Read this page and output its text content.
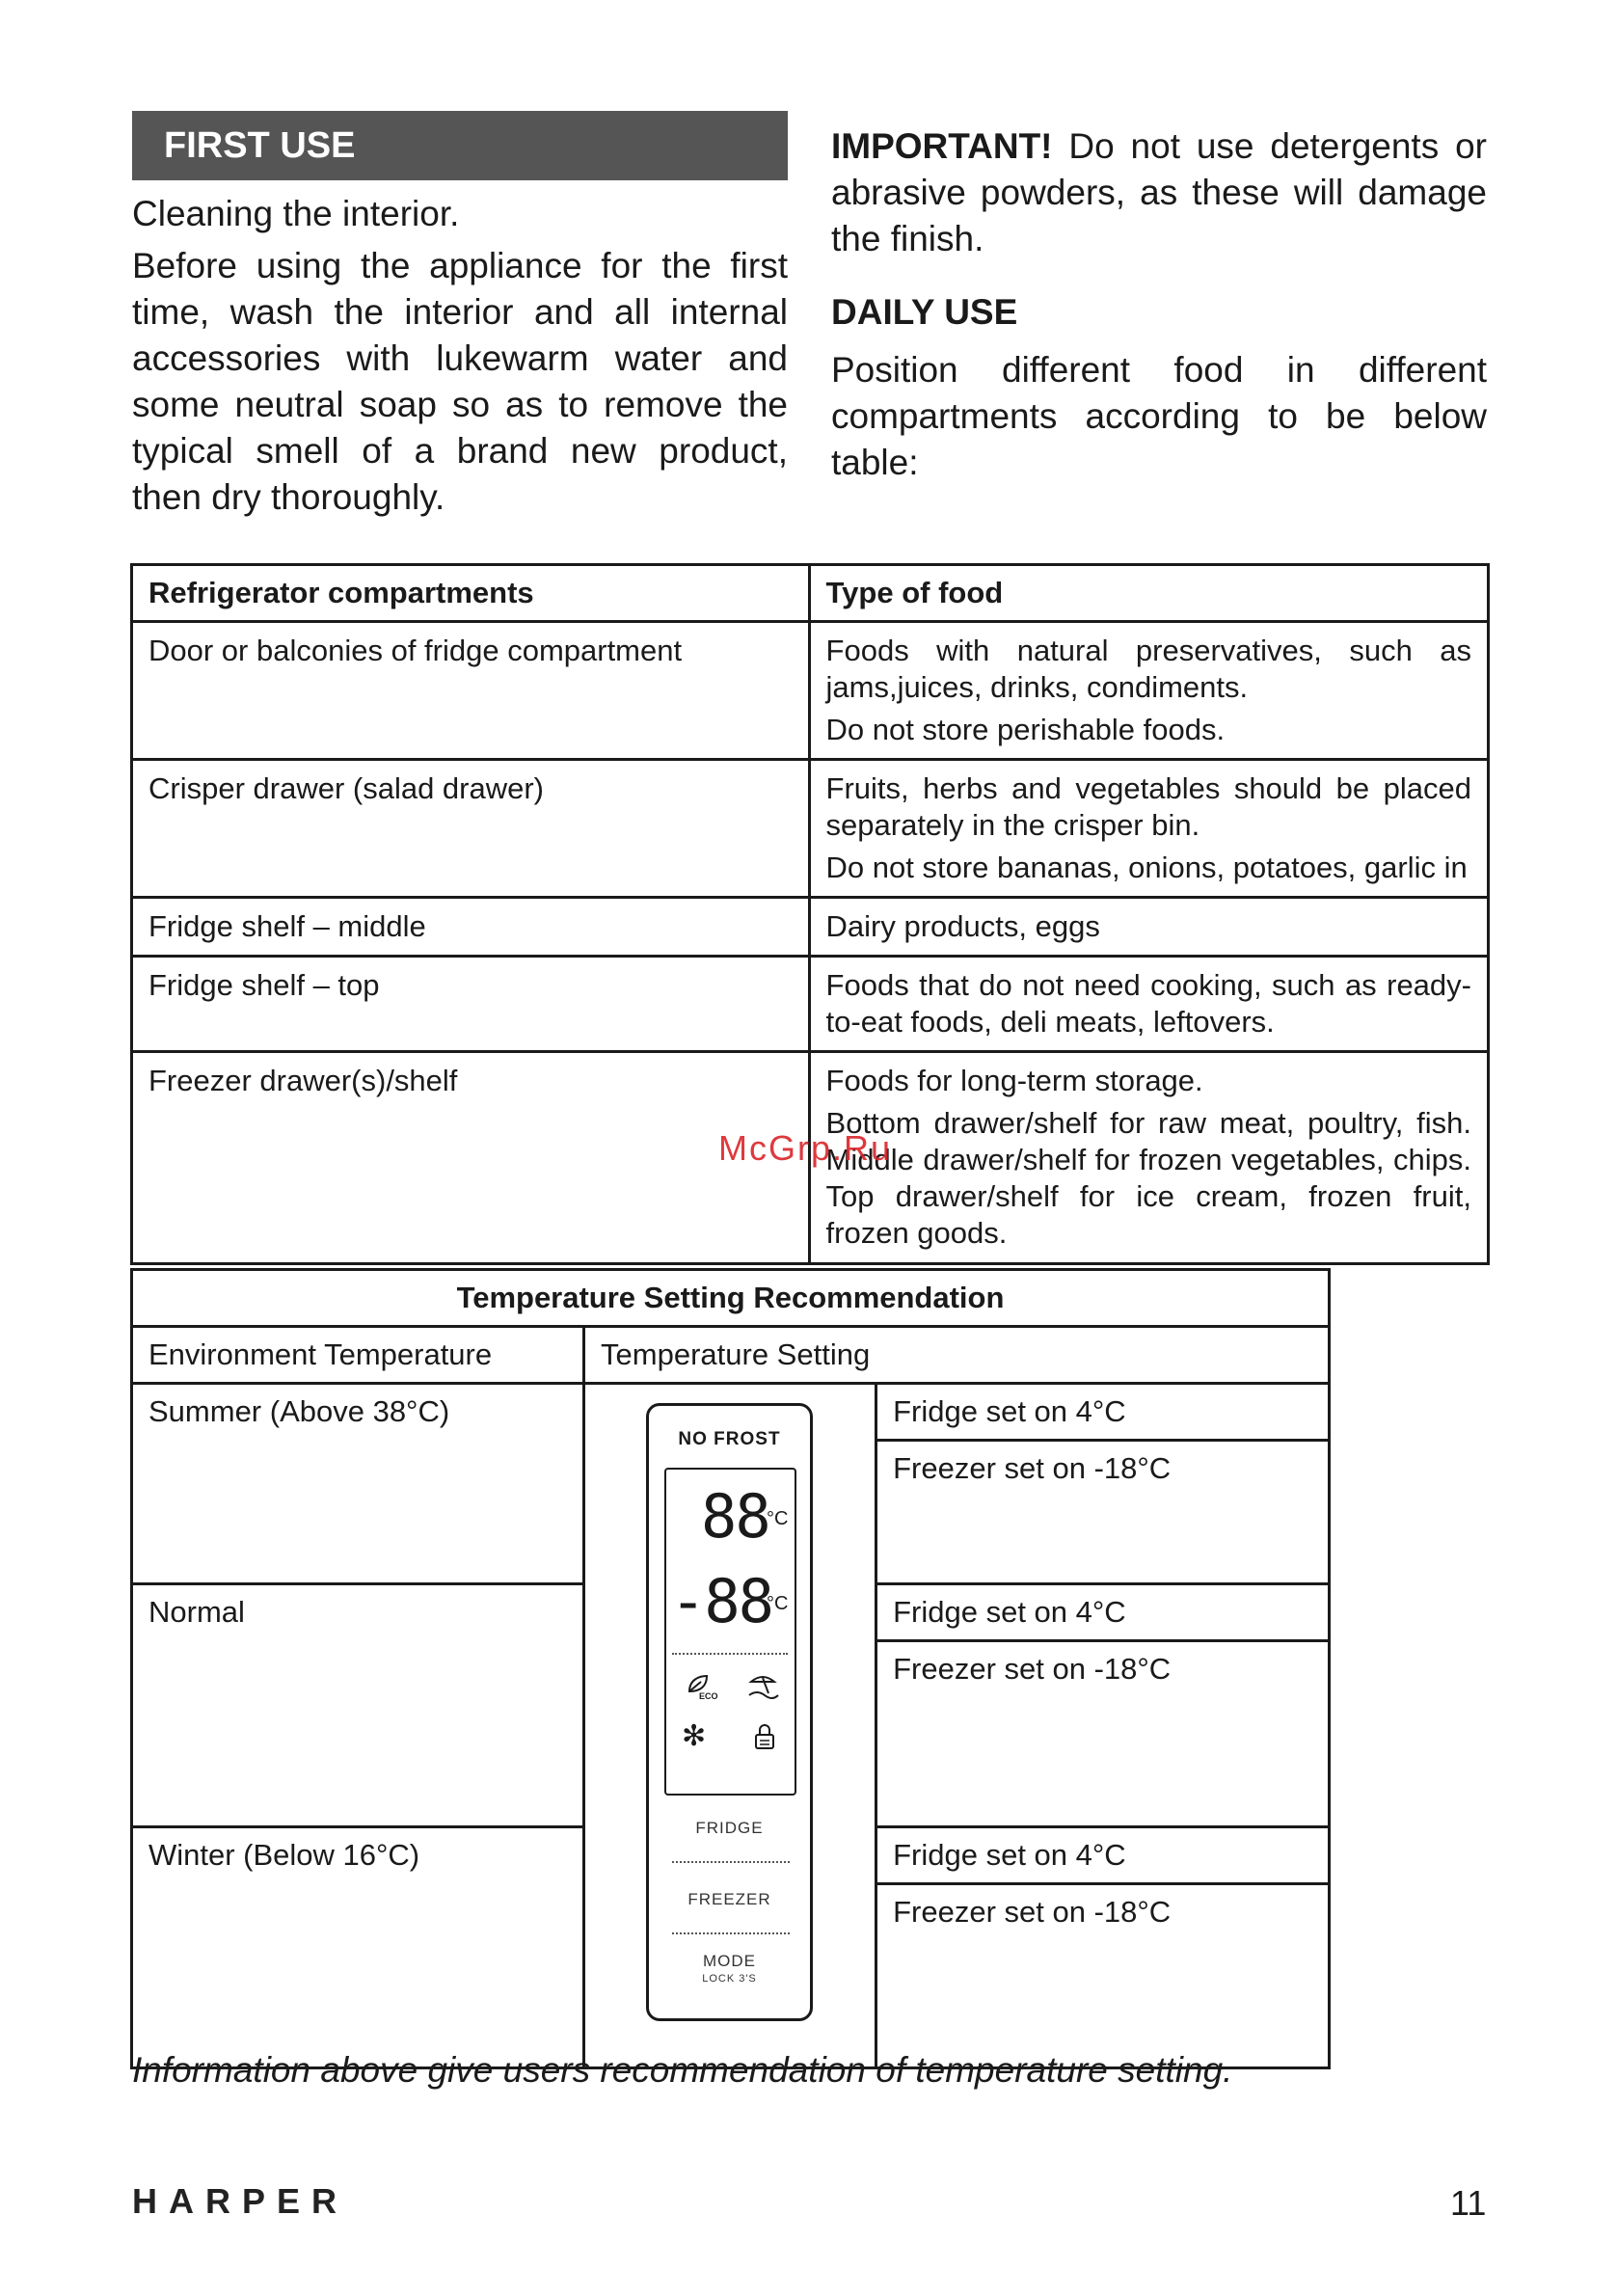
FIRST USE

Cleaning the interior.

Before using the appliance for the first time, wash the interior and all internal accessories with lukewarm water and some neutral soap so as to remove the typical smell of a brand new product, then dry thoroughly.

IMPORTANT! Do not use detergents or abrasive powders, as these will damage the finish.

DAILY USE

Position different food in different compartments according to be below table:

Refrigerator compartments	Type of food

Door or balconies of fridge compartment	Foods with natural preservatives, such as jams,juices, drinks, condiments.

Do not store perishable foods.

Crisper drawer (salad drawer)	Fruits, herbs and vegetables should be placed separately in the crisper bin.

Do not store bananas, onions, potatoes, garlic in

Fridge shelf – middle	Dairy products, eggs

Fridge shelf – top	Foods that do not need cooking, such as ready-to-eat foods, deli meats, leftovers.

Freezer drawer(s)/shelf	Foods for long-term storage.

Bottom drawer/shelf for raw meat, poultry, fish. Middle drawer/shelf for frozen vegetables, chips. Top drawer/shelf for ice cream, frozen fruit, frozen goods.

Temperature Setting Recommendation		
Environment Temperature	Temperature Setting	
Summer (Above 38°C)		Fridge set on 4°C
		Freezer set on -18°C
Normal		Fridge set on 4°C
		Freezer set on -18°C
Winter (Below 16°C)		Fridge set on 4°C
		Freezer set on -18°C
NO FROST
88
°C
-88
°C
ECO
✻
FRIDGE
FREEZER
MODE
LOCK 3'S

Information above give users recommendation of temperature setting.

McGrp.Ru
HARPER	11
